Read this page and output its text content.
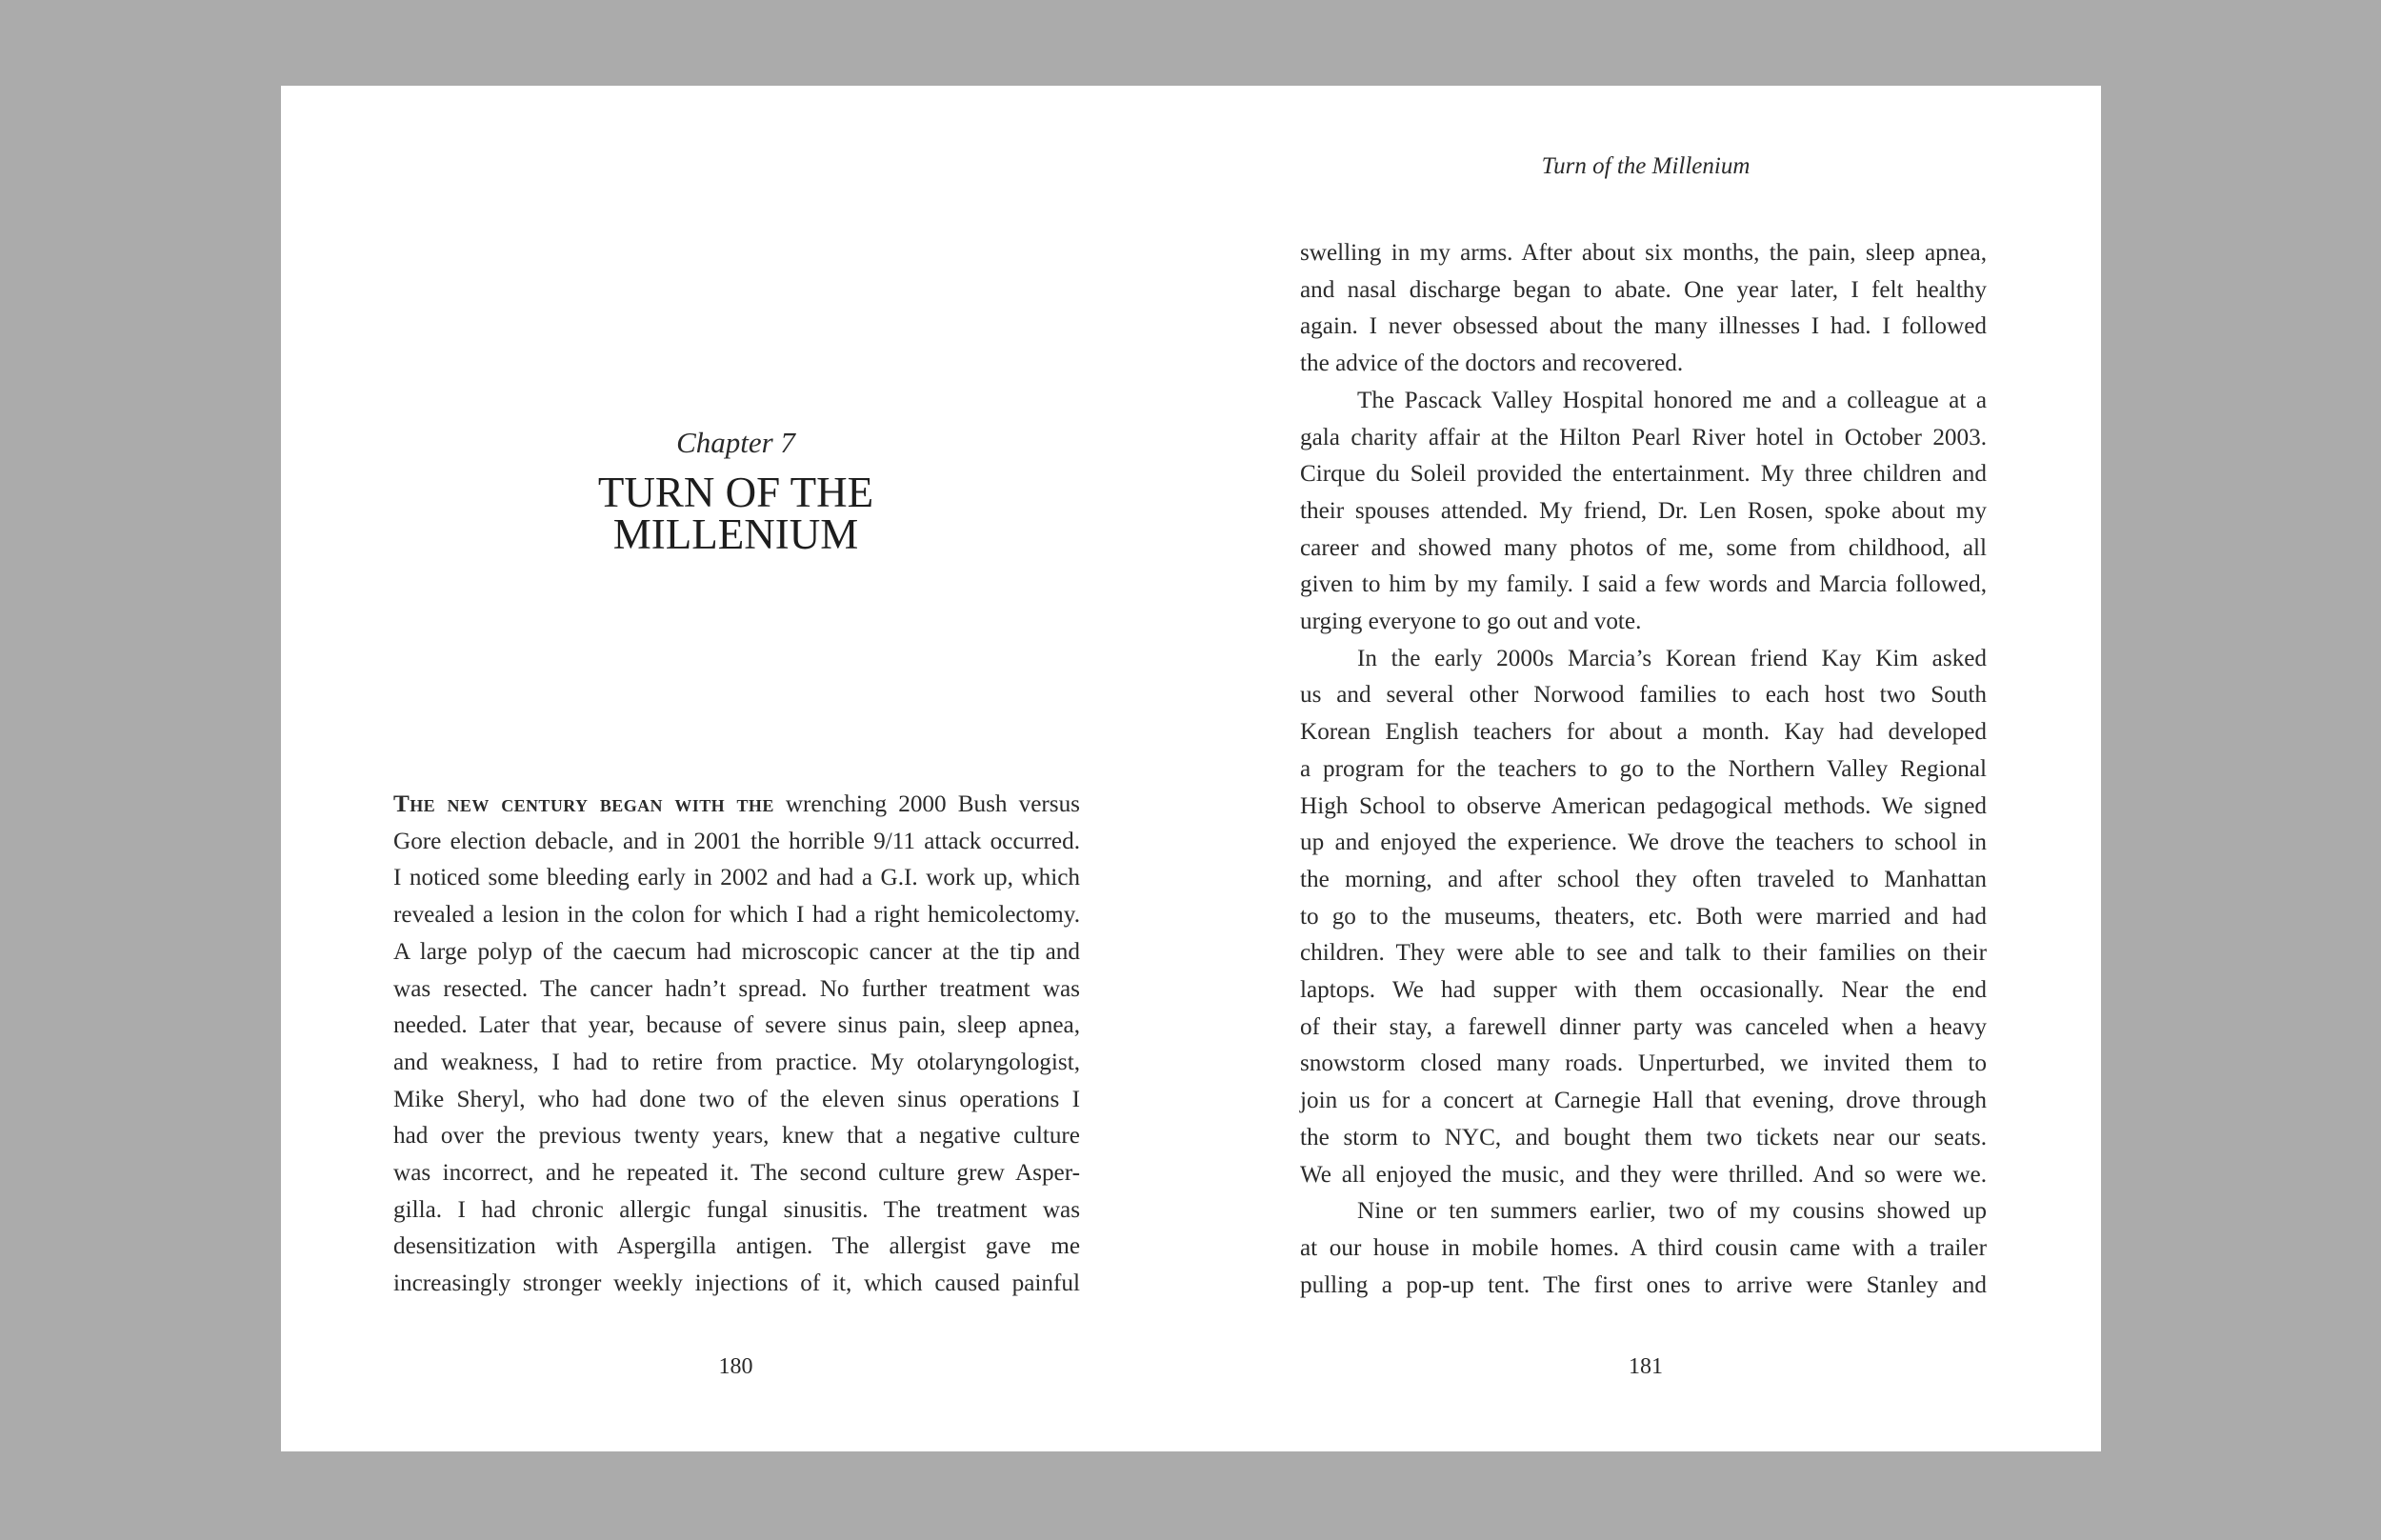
Chapter 7
TURN OF THE
MILLENIUM
The new century began with the wrenching 2000 Bush versus
Gore election debacle, and in 2001 the horrible 9/11 attack occurred.
I noticed some bleeding early in 2002 and had a G.I. work up, which
revealed a lesion in the colon for which I had a right hemicolectomy.
A large polyp of the caecum had microscopic cancer at the tip and
was resected. The cancer hadn’t spread. No further treatment was
needed. Later that year, because of severe sinus pain, sleep apnea,
and weakness, I had to retire from practice. My otolaryngologist,
Mike Sheryl, who had done two of the eleven sinus operations I
had over the previous twenty years, knew that a negative culture
was incorrect, and he repeated it. The second culture grew Asper-
gilla. I had chronic allergic fungal sinusitis. The treatment was
desensitization with Aspergilla antigen. The allergist gave me
increasingly stronger weekly injections of it, which caused painful
180
Turn of the Millenium
swelling in my arms. After about six months, the pain, sleep apnea,
and nasal discharge began to abate. One year later, I felt healthy
again. I never obsessed about the many illnesses I had. I followed
the advice of the doctors and recovered.
The Pascack Valley Hospital honored me and a colleague at a
gala charity affair at the Hilton Pearl River hotel in October 2003.
Cirque du Soleil provided the entertainment. My three children and
their spouses attended. My friend, Dr. Len Rosen, spoke about my
career and showed many photos of me, some from childhood, all
given to him by my family. I said a few words and Marcia followed,
urging everyone to go out and vote.
In the early 2000s Marcia’s Korean friend Kay Kim asked
us and several other Norwood families to each host two South
Korean English teachers for about a month. Kay had developed
a program for the teachers to go to the Northern Valley Regional
High School to observe American pedagogical methods. We signed
up and enjoyed the experience. We drove the teachers to school in
the morning, and after school they often traveled to Manhattan
to go to the museums, theaters, etc. Both were married and had
children. They were able to see and talk to their families on their
laptops. We had supper with them occasionally. Near the end
of their stay, a farewell dinner party was canceled when a heavy
snowstorm closed many roads. Unperturbed, we invited them to
join us for a concert at Carnegie Hall that evening, drove through
the storm to NYC, and bought them two tickets near our seats.
We all enjoyed the music, and they were thrilled. And so were we.
Nine or ten summers earlier, two of my cousins showed up
at our house in mobile homes. A third cousin came with a trailer
pulling a pop-up tent. The first ones to arrive were Stanley and
181
